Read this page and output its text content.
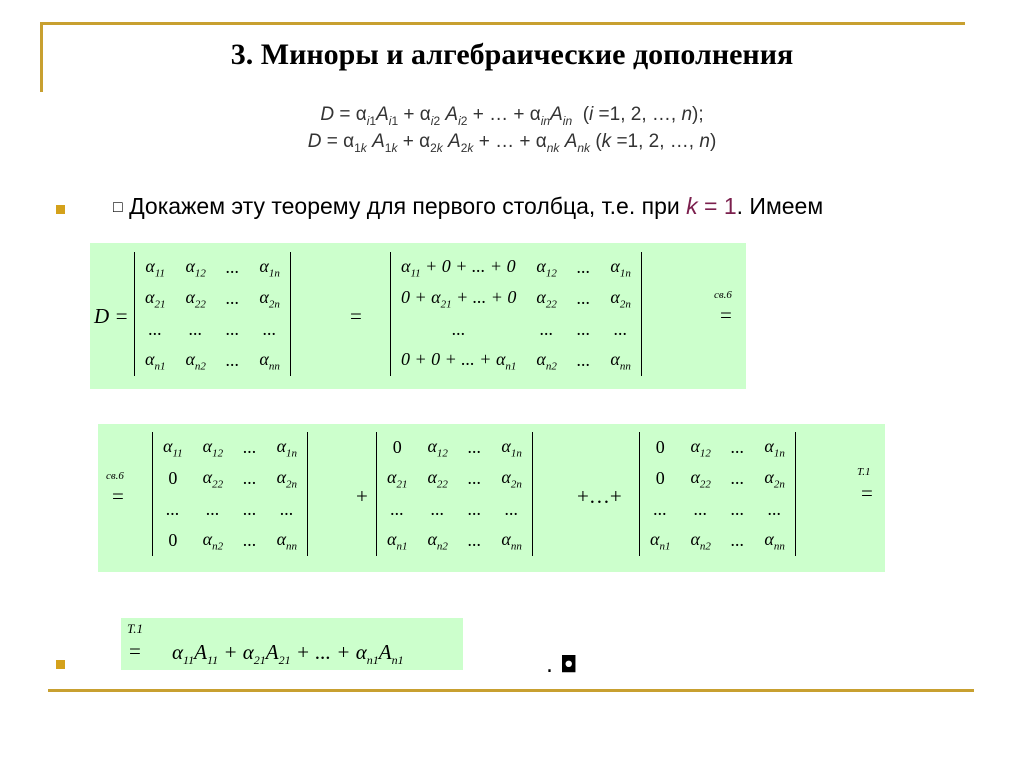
3. Миноры и алгебраические дополнения
$D = \alpha_{i1}A_{i1} + \alpha_{i2}$ $A_{i2}$ + … + $\alpha_{in}A_{in}$  (i =1, 2, …, n);
$D = \alpha_{1k}$ $A_{1k} + \alpha_{2k}$ $A_{2k}$ + … + $\alpha_{nk}$ $A_{nk}$ (k =1, 2, …, n)
□ Докажем эту теорему для первого столбца, т.е. при k = 1. Имеем
D =
$\alpha_{11}$	$\alpha_{12}$	...	$\alpha_{1n}$
$\alpha_{21}$	$\alpha_{22}$	...	$\alpha_{2n}$
...	...	...	...
$\alpha_{n1}$	$\alpha_{n2}$	...	$\alpha_{nn}$
=
$\alpha_{11} + 0$ + ... + 0	$\alpha_{12}$	...	$\alpha_{1n}$
$0 + \alpha_{21}$ + ... + 0	$\alpha_{22}$	...	$\alpha_{2n}$
...	...	...	...
0 + 0 + ... + $\alpha_{n1}$	$\alpha_{n2}$	...	$\alpha_{nn}$
св.6
=
св.6
=
$\alpha_{11}$	$\alpha_{12}$	...	$\alpha_{1n}$
0	$\alpha_{22}$	...	$\alpha_{2n}$
...	...	...	...
0	$\alpha_{n2}$	...	$\alpha_{nn}$
+
0	$\alpha_{12}$	...	$\alpha_{1n}$
$\alpha_{21}$	$\alpha_{22}$	...	$\alpha_{2n}$
...	...	...	...
$\alpha_{n1}$	$\alpha_{n2}$	...	$\alpha_{nn}$
+…+
0	$\alpha_{12}$	...	$\alpha_{1n}$
0	$\alpha_{22}$	...	$\alpha_{2n}$
...	...	...	...
$\alpha_{n1}$	$\alpha_{n2}$	...	$\alpha_{nn}$
T.1
=
T.1
= $\alpha_{11}A_{11} + \alpha_{21}A_{21}$ + ... + $\alpha_{n1}A_{n1}$	. ◘
